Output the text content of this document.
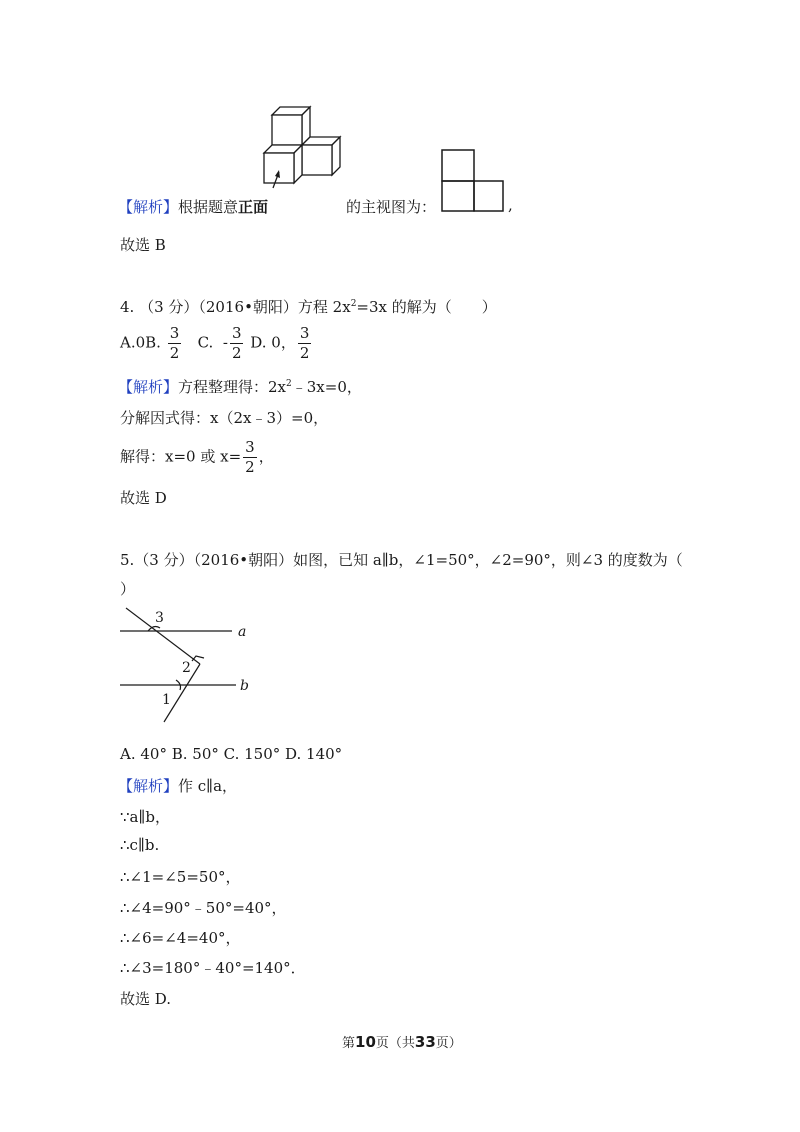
【解析】根据题意正面	的主视图为：	,
故选 B
4. （3 分）（2016•朝阳）方程 $2x^2=3x$ 的解为（　　）
A.0B. $\frac{3}{2} C$. - $\frac{3}{2} D$. 0， $\frac{3}{2}$
【解析】方程整理得：$2x^2﹣3x=0$，
分解因式得：x（2x﹣3）=0，
解得：x=0 或 $x= \frac{3}{2}$ ，
故选 D
5.（3 分）（2016•朝阳）如图，已知 a∥b，∠1=50°，∠2=90°，则∠3 的度数为（
）
3
a
2
1
b
A. 40° B. 50° C. 150° D. 140°
【解析】作 c∥a，
∵a∥b，
∴c∥b.
∴∠1=∠5=50°，
∴∠4=90°﹣50°=40°，
∴∠6=∠4=40°，
∴∠3=180°﹣40°=140°．
故选 D.
第10页（共33页）
